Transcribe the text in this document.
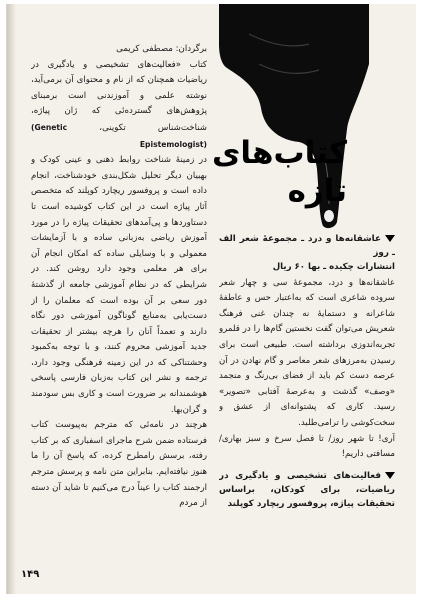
برگردان: مصطفی کریمی

کتاب «فعالیت‌های تشخیصی و یادگیری در ریاضیات همچنان که از نام و محتوای آن برمی‌آید، نوشته علمی و آموزندنی است برمبنای پژوهش‌های گسترده‌ئی که ژان پیاژه، شناخت‌شناس تکوینی، (Genetic Epistemologist)

در زمینهٔ شناخت روابط ذهنی و عینی کودک و بهبیان دیگر تحلیل شکل‌بندی خودشناخت، انجام داده است و پروفسور ریچارد کوپلند که متخصص آثار پیاژه است در این کتاب کوشیده است تا دستاوردها و پی‌آمدهای تحقیقات پیاژه را در مورد آموزش ریاضی به‌زبانی ساده و با آزمایشات معمولی و با وسایلی ساده که امکان انجام آن برای هر معلمی وجود دارد روشن کند. در شرایطی که در نظام آموزشی جامعه از گذشتهٔ دور سعی بر آن بوده است که معلمان را از دست‌یابی به‌منابع گوناگون آموزشی دور نگاه دارند و تعمداً آنان را هرچه بیشتر از تحقیقات جدید آموزشی محروم کنند، و با توجه به‌کمبود وحشتناکی که در این زمینه فرهنگی وجود دارد، ترجمه و نشر این کتاب به‌زبان فارسی پاسخی هوشمندانه بر ضرورت است و کاری بس سودمند و گران‌بها.

هرچند در نامه‌ئی که مترجم به‌پیوست کتاب فرستاده ضمن شرح ماجرای اسفباری که بر کتاب رفته، برسش رامطرح کرده، که پاسخ آن را ما هنوز نیافته‌ایم. بنابراین متن نامه و پرسش مترجم ارجمند کتاب را عیناً درج می‌کنیم تا شاید آن دسته از مردم

کتاب‌های
تازه

عاشقانه‌ها و درد ـ مجموعهٔ شعر الف ـ روز

انتشارات چکیده ـ بها ۶۰ ریال

عاشقانه‌ها و درد، مجموعهٔ سی و چهار شعر سروده شاعری است که به‌اعتبار حس و عاطفهٔ شاعرانه و دستمایهٔ نه چندان غنی فرهنگ شعریش می‌توان گفت نخستین گام‌ها را در قلمرو تجربه‌اندوزی برداشته است. طبیعی است برای رسیدن به‌مرزهای شعر معاصر و گام نهادن در آن عرصه دست کم باید از فضای بی‌رنگ و منجمد «وصف» گذشت و به‌عرصهٔ آفتابی «تصویر» رسید. کاری که پشتوانه‌ای از عشق و سخت‌کوشی را ترامی‌طلبد.

آری! تا شهر روز/ تا فصل سرخ و سبز بهاری/ مسافتی داریم!

فعالیت‌های تشخیصی و یادگیری در ریاضیات، برای کودکان، براساس تحقیقات پیاژه، پروفسور ریچارد کوپلند

۱۴۹
